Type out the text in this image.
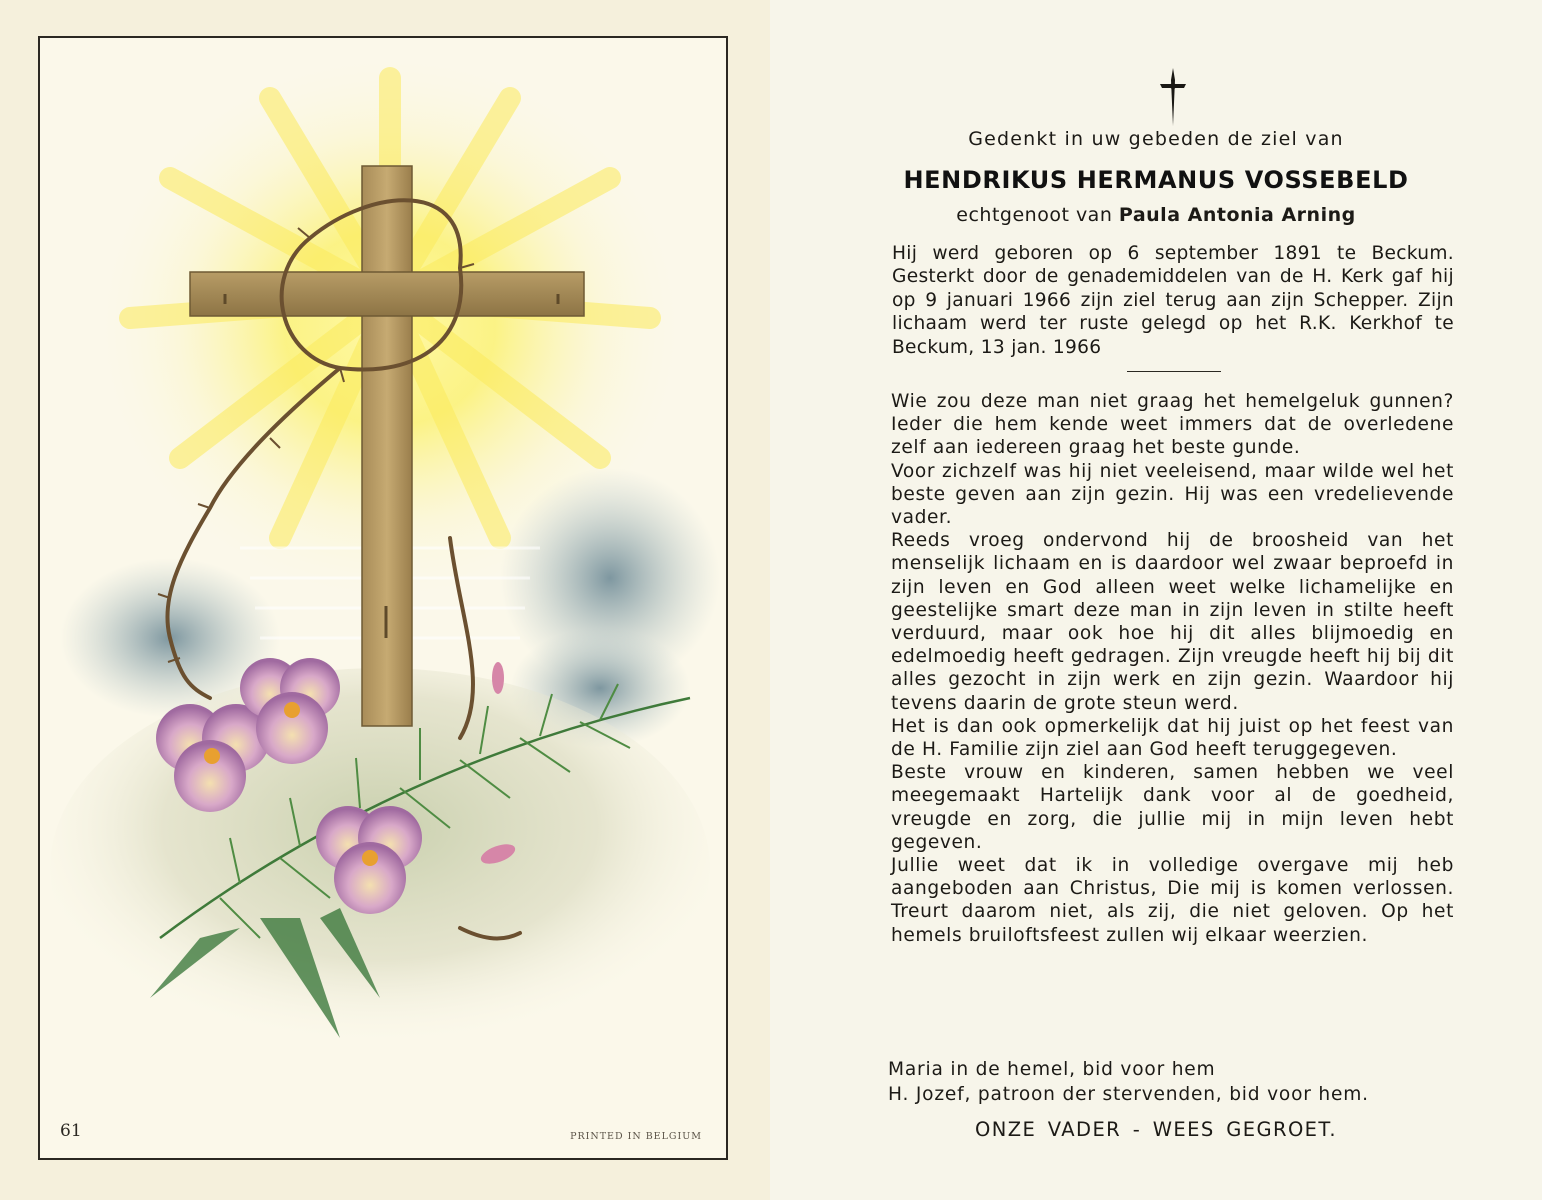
61	PRINTED IN BELGIUM
Gedenkt in uw gebeden de ziel van
HENDRIKUS HERMANUS VOSSEBELD
echtgenoot van Paula Antonia Arning
Hij werd geboren op 6 september 1891 te Beckum. Gesterkt door de genademiddelen van de H. Kerk gaf hij op 9 januari 1966 zijn ziel terug aan zijn Schepper. Zijn lichaam werd ter ruste gelegd op het R.K. Kerkhof te Beckum, 13 jan. 1966

Wie zou deze man niet graag het hemelgeluk gunnen? Ieder die hem kende weet immers dat de overledene zelf aan iedereen graag het beste gunde.

Voor zichzelf was hij niet veeleisend, maar wilde wel het beste geven aan zijn gezin. Hij was een vredelievende vader.

Reeds vroeg ondervond hij de broosheid van het menselijk lichaam en is daardoor wel zwaar beproefd in zijn leven en God alleen weet welke lichamelijke en geestelijke smart deze man in zijn leven in stilte heeft verduurd, maar ook hoe hij dit alles blijmoedig en edelmoedig heeft gedragen. Zijn vreugde heeft hij bij dit alles gezocht in zijn werk en zijn gezin. Waardoor hij tevens daarin de grote steun werd.

Het is dan ook opmerkelijk dat hij juist op het feest van de H. Familie zijn ziel aan God heeft teruggegeven.

Beste vrouw en kinderen, samen hebben we veel meegemaakt Hartelijk dank voor al de goedheid, vreugde en zorg, die jullie mij in mijn leven hebt gegeven.

Jullie weet dat ik in volledige overgave mij heb aangeboden aan Christus, Die mij is komen verlossen. Treurt daarom niet, als zij, die niet geloven. Op het hemels bruiloftsfeest zullen wij elkaar weerzien.

Maria in de hemel, bid voor hem
H. Jozef, patroon der stervenden, bid voor hem.
ONZE VADER - WEES GEGROET.
